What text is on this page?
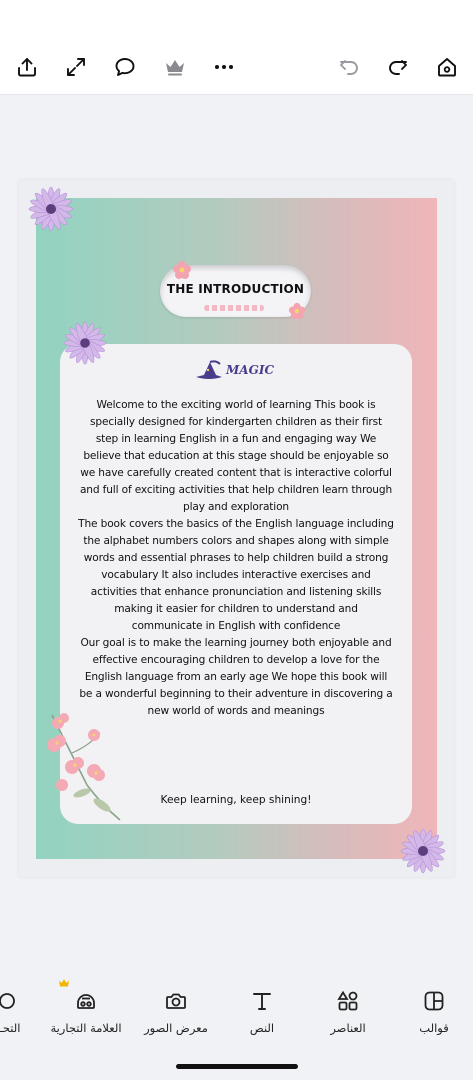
THE INTRODUCTION
MAGIC

Welcome to the exciting world of learning️ This book is specially designed for kindergarten children as their first step in learning English in a fun and engaging way️ We believe that education at this stage should be enjoyable️ so we have carefully created content that is interactive️ colorful️ and full of exciting activities that help children learn through play and exploration️

The book covers the basics of the English language️ including the alphabet️ numbers️ colors️ and shapes️ along with simple words and essential phrases to help children build a strong vocabulary️ It also includes interactive exercises and activities that enhance pronunciation and listening skills️ making it easier for children to understand and communicate in English with confidence️

Our goal is to make the learning journey both enjoyable and effective️ encouraging children to develop a love for the English language from an early age️ We hope this book will be a wonderful beginning to their adventure in discovering a new world of words and meanings️

Keep learning, keep shining!
قوالب
العناصر
النص
معرض الصور
العلامة التجارية
التحـ
